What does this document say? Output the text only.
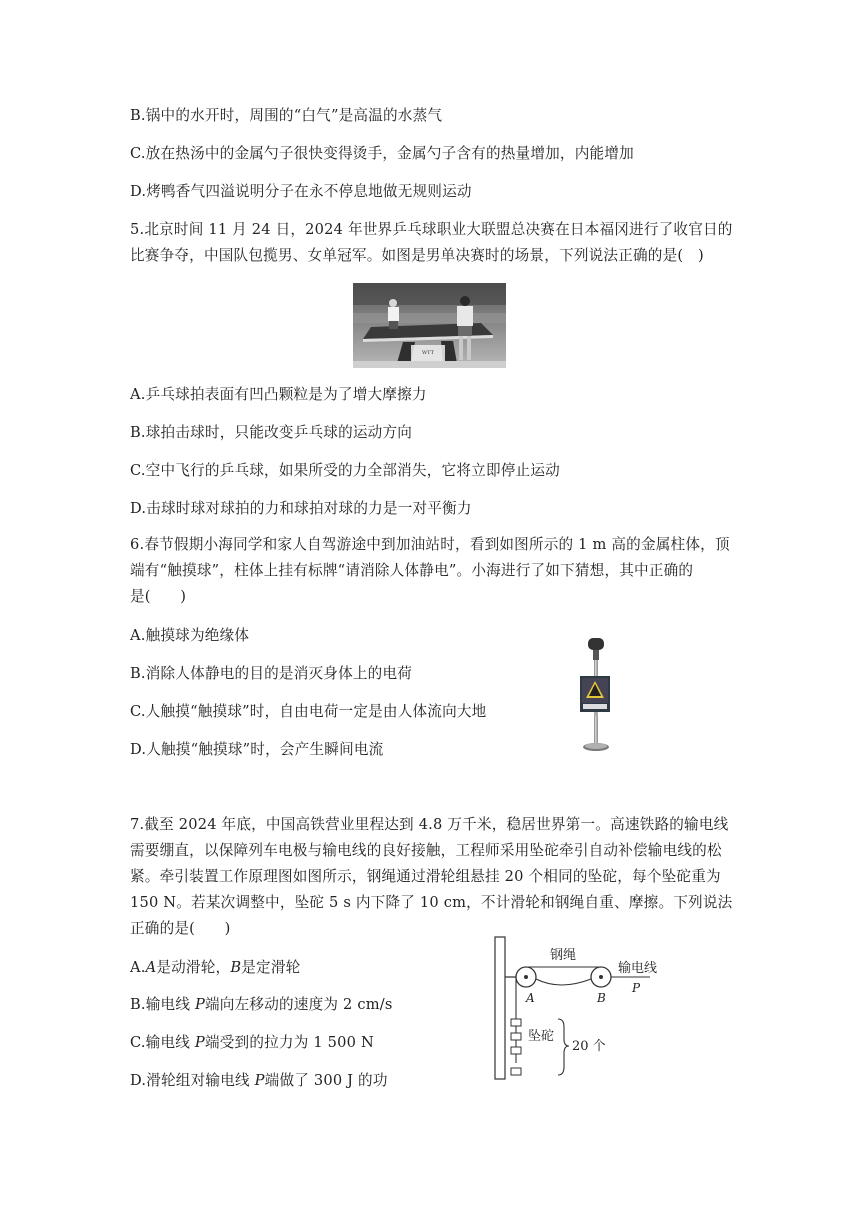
B.锅中的水开时，周围的“白气”是高温的水蒸气
C.放在热汤中的金属勺子很快变得烫手，金属勺子含有的热量增加，内能增加
D.烤鸭香气四溢说明分子在永不停息地做无规则运动
5.北京时间 11 月 24 日，2024 年世界乒乓球职业大联盟总决赛在日本福冈进行了收官日的
比赛争夺，中国队包揽男、女单冠军。如图是男单决赛时的场景，下列说法正确的是(　)
WTT
A.乒乓球拍表面有凹凸颗粒是为了增大摩擦力
B.球拍击球时，只能改变乒乓球的运动方向
C.空中飞行的乒乓球，如果所受的力全部消失，它将立即停止运动
D.击球时球对球拍的力和球拍对球的力是一对平衡力
6.春节假期小海同学和家人自驾游途中到加油站时，看到如图所示的 1 m 高的金属柱体，顶
端有“触摸球”，柱体上挂有标牌“请消除人体静电”。小海进行了如下猜想，其中正确的
是(　　)
A.触摸球为绝缘体
B.消除人体静电的目的是消灭身体上的电荷
C.人触摸“触摸球”时，自由电荷一定是由人体流向大地
D.人触摸“触摸球”时，会产生瞬间电流
7.截至 2024 年底，中国高铁营业里程达到 4.8 万千米，稳居世界第一。高速铁路的输电线
需要绷直，以保障列车电极与输电线的良好接触，工程师采用坠砣牵引自动补偿输电线的松
紧。牵引装置工作原理图如图所示，钢绳通过滑轮组悬挂 20 个相同的坠砣，每个坠砣重为
150 N。若某次调整中，坠砣 5 s 内下降了 10 cm，不计滑轮和钢绳自重、摩擦。下列说法
正确的是(　　)
A.A是动滑轮，B是定滑轮
B.输电线 P端向左移动的速度为 2 cm/s
C.输电线 P端受到的拉力为 1 500 N
D.滑轮组对输电线 P端做了 300 J 的功
钢绳
输电线
A	B
P
坠砣
20 个
